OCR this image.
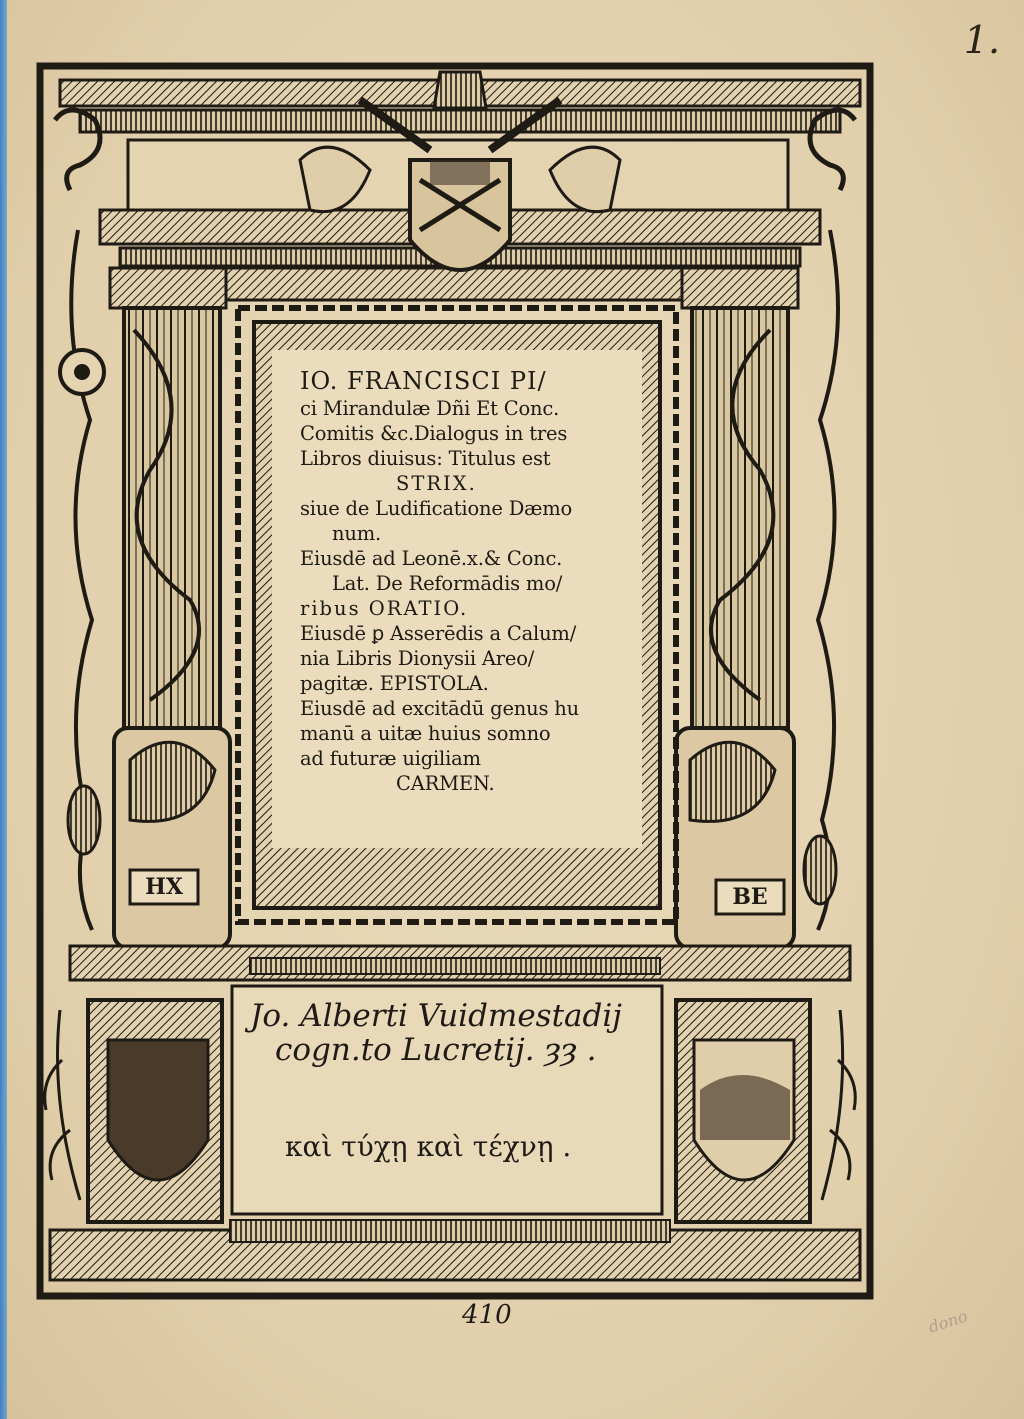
1.
IO. FRANCISCI PI/
ci Mirandulæ Dñi Et Conc.
Comitis &c.Dialogus in tres
Libros diuisus: Titulus est
STRIX.
siue de Ludificatione Dæmo
num.
Eiusdē ad Leonē.x.& Conc.
Lat. De Reformādis mo/
ribus ORATIO.
Eiusdē ꝑ Asserēdis a Calum/
nia Libris Dionysii Areo/
pagitæ. EPISTOLA.
Eiusdē ad excitādū genus hu
manū a uitæ huius somno
ad futuræ uigiliam
CARMEN.
HX	BE
Jo. Alberti Vuidmestadij
cogn.to Lucretij. ȝȝ .
καὶ τύχῃ καὶ τέχνῃ .
410	dono
